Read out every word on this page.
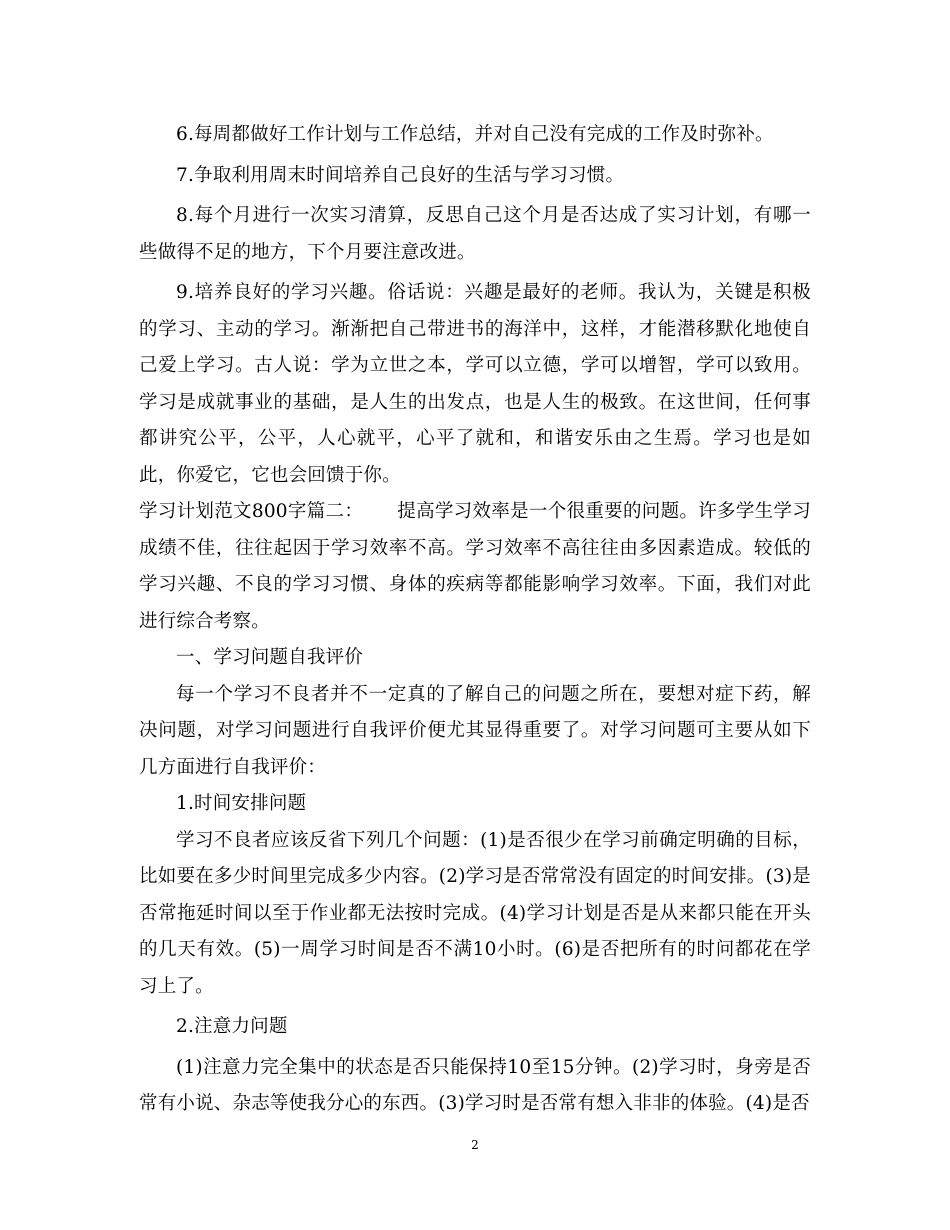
6.每周都做好工作计划与工作总结，并对自己没有完成的工作及时弥补。

7.争取利用周末时间培养自己良好的生活与学习习惯。

8.每个月进行一次实习清算，反思自己这个月是否达成了实习计划，有哪一些做得不足的地方，下个月要注意改进。

9.培养良好的学习兴趣。俗话说：兴趣是最好的老师。我认为，关键是积极的学习、主动的学习。渐渐把自己带进书的海洋中，这样，才能潜移默化地使自己爱上学习。古人说：学为立世之本，学可以立德，学可以增智，学可以致用。学习是成就事业的基础，是人生的出发点，也是人生的极致。在这世间，任何事都讲究公平，公平，人心就平，心平了就和，和谐安乐由之生焉。学习也是如此，你爱它，它也会回馈于你。

学习计划范文800字篇二： 提高学习效率是一个很重要的问题。许多学生学习成绩不佳，往往起因于学习效率不高。学习效率不高往往由多因素造成。较低的学习兴趣、不良的学习习惯、身体的疾病等都能影响学习效率。下面，我们对此进行综合考察。

一、学习问题自我评价

每一个学习不良者并不一定真的了解自己的问题之所在，要想对症下药，解决问题，对学习问题进行自我评价便尤其显得重要了。对学习问题可主要从如下几方面进行自我评价：

1.时间安排问题

学习不良者应该反省下列几个问题：(1)是否很少在学习前确定明确的目标，比如要在多少时间里完成多少内容。(2)学习是否常常没有固定的时间安排。(3)是否常拖延时间以至于作业都无法按时完成。(4)学习计划是否是从来都只能在开头的几天有效。(5)一周学习时间是否不满10小时。(6)是否把所有的时问都花在学习上了。

2.注意力问题

(1)注意力完全集中的状态是否只能保持10至15分钟。(2)学习时，身旁是否常有小说、杂志等使我分心的东西。(3)学习时是否常有想入非非的体验。(4)是否

2
